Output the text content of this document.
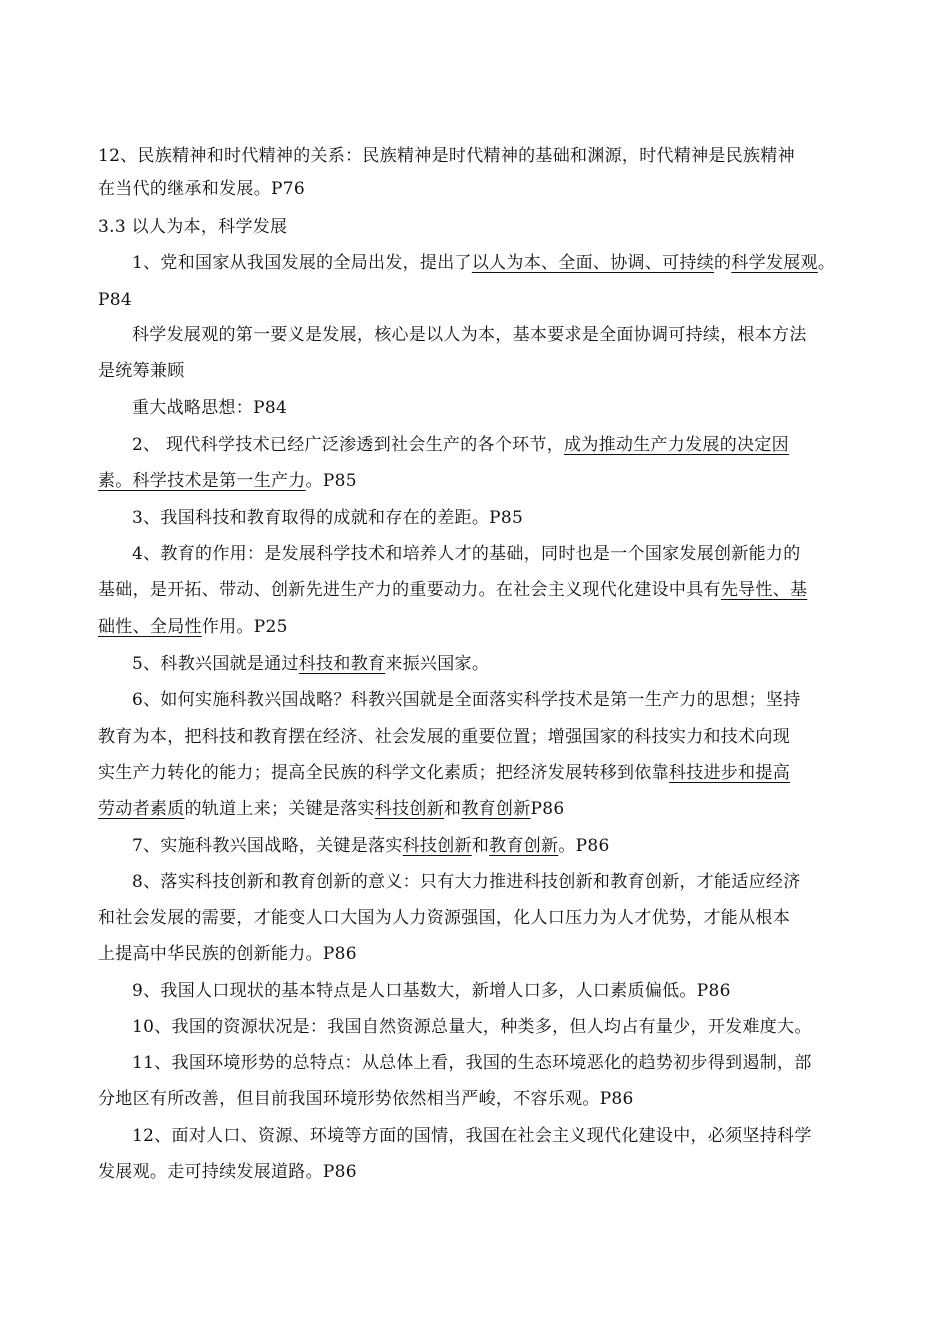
12、民族精神和时代精神的关系：民族精神是时代精神的基础和渊源，时代精神是民族精神
在当代的继承和发展。P76
3.3 以人为本，科学发展
1、党和国家从我国发展的全局出发，提出了以人为本、全面、协调、可持续的科学发展观。
P84
科学发展观的第一要义是发展，核心是以人为本，基本要求是全面协调可持续，根本方法
是统筹兼顾
重大战略思想：P84
2、 现代科学技术已经广泛渗透到社会生产的各个环节，成为推动生产力发展的决定因
素。科学技术是第一生产力。P85
3、我国科技和教育取得的成就和存在的差距。P85
4、教育的作用：是发展科学技术和培养人才的基础，同时也是一个国家发展创新能力的
基础，是开拓、带动、创新先进生产力的重要动力。在社会主义现代化建设中具有先导性、基
础性、全局性作用。P25
5、科教兴国就是通过科技和教育来振兴国家。
6、如何实施科教兴国战略？科教兴国就是全面落实科学技术是第一生产力的思想；坚持
教育为本，把科技和教育摆在经济、社会发展的重要位置；增强国家的科技实力和技术向现
实生产力转化的能力；提高全民族的科学文化素质；把经济发展转移到依靠科技进步和提高
劳动者素质的轨道上来；关键是落实科技创新和教育创新P86
7、实施科教兴国战略，关键是落实科技创新和教育创新。P86
8、落实科技创新和教育创新的意义：只有大力推进科技创新和教育创新，才能适应经济
和社会发展的需要，才能变人口大国为人力资源强国，化人口压力为人才优势，才能从根本
上提高中华民族的创新能力。P86
9、我国人口现状的基本特点是人口基数大，新增人口多，人口素质偏低。P86
10、我国的资源状况是：我国自然资源总量大，种类多，但人均占有量少，开发难度大。
11、我国环境形势的总特点：从总体上看，我国的生态环境恶化的趋势初步得到遏制，部
分地区有所改善，但目前我国环境形势依然相当严峻，不容乐观。P86
12、面对人口、资源、环境等方面的国情，我国在社会主义现代化建设中，必须坚持科学
发展观。走可持续发展道路。P86
